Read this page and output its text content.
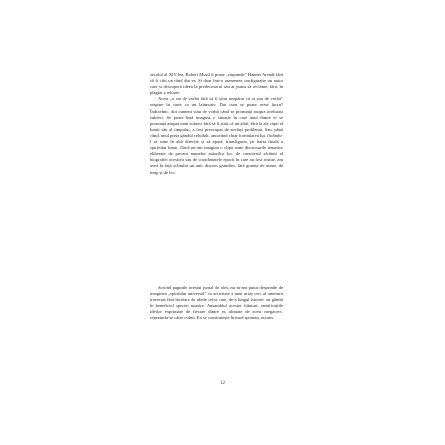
secolul al XIV-lea, Robert Musil îi poate „răspunde” Hannei Arendt fără să fi citit un rând din ea. Și doar într-o asemenea configurație un autor care și descoperă ideea la predecesorul său ar putea să reclame, fără, în plagiat a reluare.

Acest „a sta de vorbă fără să fi știut neapărat că ai stat de vorbă” reapare în carte ca un laitmotiv. Dar cum se poate acest lucru? Îndoielnic, doi oameni stau de vorbă când se pronunță asupra aceluiași subiect. Se poate însă imagina o situație în care unul dintre ei se pronunță asupra unui subiect fără să fi știut că un altul, fără la ale căpii al lumii său al timpului, a fost preocupat de același problemă. Sau, până când, unul preia gândul celuilalt, ancorând chiar formularea lui, făcându-l să sune în altă direcție și să apară, transfigurat, pe harta finală a spiritului lumii. Dacă ne-am imagina o clipă toate discursurile tematice eliberate de povara numelui autorilor lor, de caracterul alcătuit al biografiei acestora sau de coordonatele epocii în care au fost rostite, am avea în față ochiului un unic discurs grandios, fără granițe de nume, de timp și de loc.

Scriind paginile acestui jurnal de idei, nu m-am putut desprinde de imaginea „spiritului universal” ca activitate a unui uriaș cerc al omenirii traversat fără încetare de ideile celor care, de-a lungul istoriei, au gândit în beneficiul speciei noastre. Ansamblul acestor frânturi, ramificațiile ideilor exprimate de fiecare dintre ei, aliniate de acest megacerc, repezindu-se către culmi. Ea se construiește în mod spontan, ascuns.

12
